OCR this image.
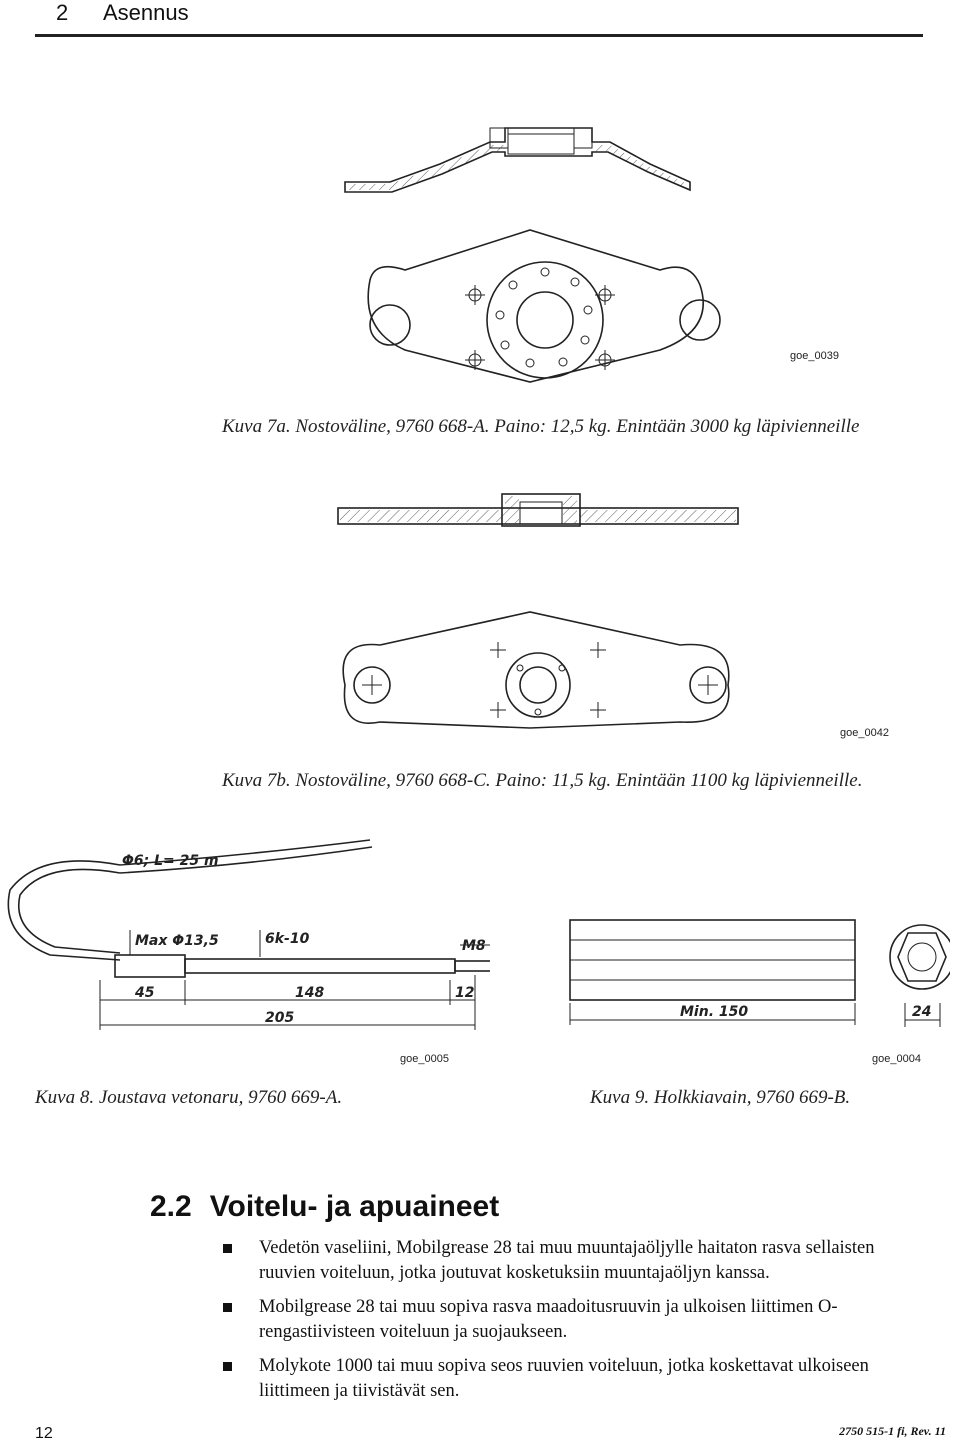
2 Asennus
goe_0039
Kuva 7a. Nostoväline, 9760 668-A. Paino: 12,5 kg. Enintään 3000 kg läpivienneille
goe_0042
Kuva 7b. Nostoväline, 9760 668-C. Paino: 11,5 kg. Enintään 1100 kg läpivienneille.
Φ6; L= 25 m
Max Φ13,5	6k-10	M8
45	148	12
205
goe_0005
Kuva 8. Joustava vetonaru, 9760 669-A.
Min. 150	24
goe_0004
Kuva 9. Holkkiavain, 9760 669-B.
2.2 Voitelu- ja apuaineet
Vedetön vaseliini, Mobilgrease 28 tai muu muuntajaöljylle haitaton rasva sellaisten ruuvien voiteluun, jotka joutuvat kosketuksiin muuntajaöljyn kanssa.
Mobilgrease 28 tai muu sopiva rasva maadoitusruuvin ja ulkoisen liittimen O-rengastiivisteen voiteluun ja suojaukseen.
Molykote 1000 tai muu sopiva seos ruuvien voiteluun, jotka koskettavat ulkoiseen liittimeen ja tiivistävät sen.
12	2750 515-1 fi, Rev. 11
